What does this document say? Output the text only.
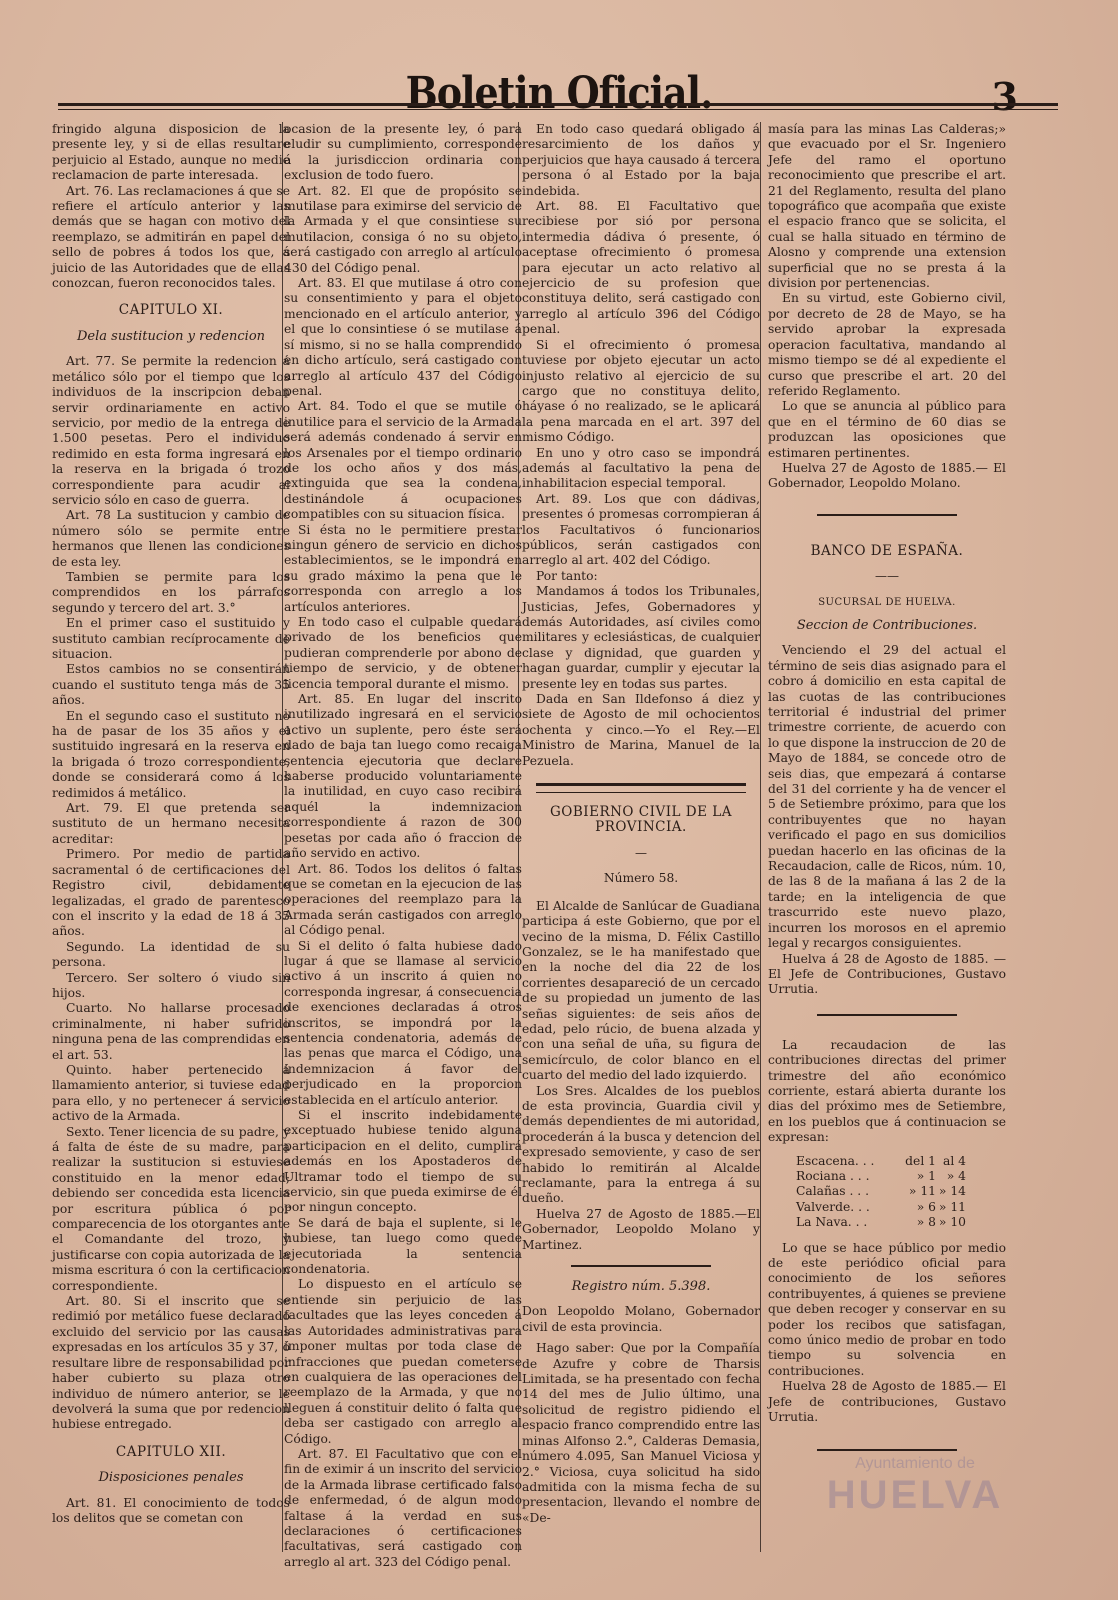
Boletin Oficial.	3

fringido alguna disposicion de la presente ley, y si de ellas resultare perjuicio al Estado, aunque no medie reclamacion de parte interesada.

Art. 76. Las reclamaciones á que se refiere el artículo anterior y las demás que se hagan con motivo del reemplazo, se admitirán en papel del sello de pobres á todos los que, á juicio de las Autoridades que de ellas conozcan, fueron reconocidos tales.

CAPITULO XI.
Dela sustitucion y redencion

Art. 77. Se permite la redencion á metálico sólo por el tiempo que los individuos de la inscripcion deban servir ordinariamente en activo servicio, por medio de la entrega de 1.500 pesetas. Pero el individuo redimido en esta forma ingresará en la reserva en la brigada ó trozo correspondiente para acudir al servicio sólo en caso de guerra.

Art. 78 La sustitucion y cambio de número sólo se permite entre hermanos que llenen las condiciones de esta ley.

Tambien se permite para los comprendidos en los párrafos segundo y tercero del art. 3.°

En el primer caso el sustituido y sustituto cambian recíprocamente de situacion.

Estos cambios no se consentirán cuando el sustituto tenga más de 35 años.

En el segundo caso el sustituto no ha de pasar de los 35 años y el sustituido ingresará en la reserva en la brigada ó trozo correspondiente, donde se considerará como á los redimidos á metálico.

Art. 79. El que pretenda ser sustituto de un hermano necesita acreditar:

Primero. Por medio de partida sacramental ó de certificaciones del Registro civil, debidamente legalizadas, el grado de parentesco con el inscrito y la edad de 18 á 35 años.

Segundo. La identidad de su persona.

Tercero. Ser soltero ó viudo sin hijos.

Cuarto. No hallarse procesado criminalmente, ni haber sufrido ninguna pena de las comprendidas en el art. 53.

Quinto. haber pertenecido á llamamiento anterior, si tuviese edad para ello, y no pertenecer á servicio activo de la Armada.

Sexto. Tener licencia de su padre, y á falta de éste de su madre, para realizar la sustitucion si estuviese constituido en la menor edad; debiendo ser concedida esta licencia por escritura pública ó por comparecencia de los otorgantes ante el Comandante del trozo, y justificarse con copia autorizada de la misma escritura ó con la certificacion correspondiente.

Art. 80. Si el inscrito que se redimió por metálico fuese declarado excluido del servicio por las causas expresadas en los artículos 35 y 37, ó resultare libre de responsabilidad por haber cubierto su plaza otro individuo de número anterior, se le devolverá la suma que por redencion hubiese entregado.

CAPITULO XII.
Disposiciones penales

Art. 81. El conocimiento de todos los delitos que se cometan con

ocasion de la presente ley, ó para eludir su cumplimiento, corresponde á la jurisdiccion ordinaria con exclusion de todo fuero.

Art. 82. El que de propósito se mutilase para eximirse del servicio de la Armada y el que consintiese su mutilacion, consiga ó no su objeto, será castigado con arreglo al artículo 430 del Código penal.

Art. 83. El que mutilase á otro con su consentimiento y para el objeto mencionado en el artículo anterior, y el que lo consintiese ó se mutilase á sí mismo, si no se halla comprendido en dicho artículo, será castigado con arreglo al artículo 437 del Código penal.

Art. 84. Todo el que se mutile ó inutilice para el servicio de la Armada será además condenado á servir en los Arsenales por el tiempo ordinario de los ocho años y dos más, extinguida que sea la condena, destinándole á ocupaciones compatibles con su situacion física.

Si ésta no le permitiere prestar ningun género de servicio en dichos establecimientos, se le impondrá en su grado máximo la pena que le corresponda con arreglo a los artículos anteriores.

En todo caso el culpable quedará privado de los beneficios que pudieran comprenderle por abono de tiempo de servicio, y de obtener licencia temporal durante el mismo.

Art. 85. En lugar del inscrito inutilizado ingresará en el servicio activo un suplente, pero éste será dado de baja tan luego como recaiga sentencia ejecutoria que declare haberse producido voluntariamente la inutilidad, en cuyo caso recibirá aquél la indemnizacion correspondiente á razon de 300 pesetas por cada año ó fraccion de año servido en activo.

Art. 86. Todos los delitos ó faltas que se cometan en la ejecucion de las operaciones del reemplazo para la Armada serán castigados con arreglo al Código penal.

Si el delito ó falta hubiese dado lugar á que se llamase al servicio activo á un inscrito á quien no corresponda ingresar, á consecuencia de exenciones declaradas á otros inscritos, se impondrá por la sentencia condenatoria, además de las penas que marca el Código, una indemnizacion á favor del perjudicado en la proporcion establecida en el artículo anterior.

Si el inscrito indebidamente exceptuado hubiese tenido alguna participacion en el delito, cumplirá además en los Apostaderos de Ultramar todo el tiempo de su servicio, sin que pueda eximirse de él por ningun concepto.

Se dará de baja el suplente, si le hubiese, tan luego como quede ejecutoriada la sentencia condenatoria.

Lo dispuesto en el artículo se entiende sin perjuicio de las facultades que las leyes conceden á las Autoridades administrativas para imponer multas por toda clase de infracciones que puedan cometerse en cualquiera de las operaciones del reemplazo de la Armada, y que no lleguen á constituir delito ó falta que deba ser castigado con arreglo al Código.

Art. 87. El Facultativo que con el fin de eximir á un inscrito del servicio de la Armada librase certificado falso de enfermedad, ó de algun modo faltase á la verdad en sus declaraciones ó certificaciones facultativas, será castigado con arreglo al art. 323 del Código penal.

En todo caso quedará obligado á resarcimiento de los daños y perjuicios que haya causado á tercera persona ó al Estado por la baja indebida.

Art. 88. El Facultativo que recibiese por sió por persona intermedia dádiva ó presente, ó aceptase ofrecimiento ó promesa para ejecutar un acto relativo al ejercicio de su profesion que constituya delito, será castigado con arreglo al artículo 396 del Código penal.

Si el ofrecimiento ó promesa tuviese por objeto ejecutar un acto injusto relativo al ejercicio de su cargo que no constituya delito, háyase ó no realizado, se le aplicará la pena marcada en el art. 397 del mismo Código.

En uno y otro caso se impondrá además al facultativo la pena de inhabilitacion especial temporal.

Art. 89. Los que con dádivas, presentes ó promesas corrompieran á los Facultativos ó funcionarios públicos, serán castigados con arreglo al art. 402 del Código.

Por tanto:

Mandamos á todos los Tribunales, Justicias, Jefes, Gobernadores y demás Autoridades, así civiles como militares y eclesiásticas, de cualquier clase y dignidad, que guarden y hagan guardar, cumplir y ejecutar la presente ley en todas sus partes.

Dada en San Ildefonso á diez y siete de Agosto de mil ochocientos ochenta y cinco.—Yo el Rey.—El Ministro de Marina, Manuel de la Pezuela.

GOBIERNO CIVIL DE LA PROVINCIA.
—
Número 58.

El Alcalde de Sanlúcar de Guadiana participa á este Gobierno, que por el vecino de la misma, D. Félix Castillo Gonzalez, se le ha manifestado que en la noche del dia 22 de los corrientes desapareció de un cercado de su propiedad un jumento de las señas siguientes: de seis años de edad, pelo rúcio, de buena alzada y con una señal de uña, su figura de semicírculo, de color blanco en el cuarto del medio del lado izquierdo.

Los Sres. Alcaldes de los pueblos de esta provincia, Guardia civil y demás dependientes de mi autoridad, procederán á la busca y detencion del expresado semoviente, y caso de ser habido lo remitirán al Alcalde reclamante, para la entrega á su dueño.

Huelva 27 de Agosto de 1885.—El Gobernador, Leopoldo Molano y Martinez.

Registro núm. 5.398.

Don Leopoldo Molano, Gobernador civil de esta provincia.

Hago saber: Que por la Compañía de Azufre y cobre de Tharsis Limitada, se ha presentado con fecha 14 del mes de Julio último, una solicitud de registro pidiendo el espacio franco comprendido entre las minas Alfonso 2.°, Calderas Demasia, número 4.095, San Manuel Viciosa y 2.° Viciosa, cuya solicitud ha sido admitida con la misma fecha de su presentacion, llevando el nombre de «De-

masía para las minas Las Calderas;» que evacuado por el Sr. Ingeniero Jefe del ramo el oportuno reconocimiento que prescribe el art. 21 del Reglamento, resulta del plano topográfico que acompaña que existe el espacio franco que se solicita, el cual se halla situado en término de Alosno y comprende una extension superficial que no se presta á la division por pertenencias.

En su virtud, este Gobierno civil, por decreto de 28 de Mayo, se ha servido aprobar la expresada operacion facultativa, mandando al mismo tiempo se dé al expediente el curso que prescribe el art. 20 del referido Reglamento.

Lo que se anuncia al público para que en el término de 60 dias se produzcan las oposiciones que estimaren pertinentes.

Huelva 27 de Agosto de 1885.— El Gobernador, Leopoldo Molano.

BANCO DE ESPAÑA.
——
SUCURSAL DE HUELVA.
Seccion de Contribuciones.

Venciendo el 29 del actual el término de seis dias asignado para el cobro á domicilio en esta capital de las cuotas de las contribuciones territorial é industrial del primer trimestre corriente, de acuerdo con lo que dispone la instruccion de 20 de Mayo de 1884, se concede otro de seis dias, que empezará á contarse del 31 del corriente y ha de vencer el 5 de Setiembre próximo, para que los contribuyentes que no hayan verificado el pago en sus domicilios puedan hacerlo en las oficinas de la Recaudacion, calle de Ricos, núm. 10, de las 8 de la mañana á las 2 de la tarde; en la inteligencia de que trascurrido este nuevo plazo, incurren los morosos en el apremio legal y recargos consiguientes.

Huelva á 28 de Agosto de 1885. —El Jefe de Contribuciones, Gustavo Urrutia.

La recaudacion de las contribuciones directas del primer trimestre del año económico corriente, estará abierta durante los dias del próximo mes de Setiembre, en los pueblos que á continuacion se expresan:

Escacena. . .	del 1 al 4
Rociana . . .	» 1 » 4
Calañas . . .	» 11 » 14
Valverde. . .	» 6 » 11
La Nava. . .	» 8 » 10

Lo que se hace público por medio de este periódico oficial para conocimiento de los señores contribuyentes, á quienes se previene que deben recoger y conservar en su poder los recibos que satisfagan, como único medio de probar en todo tiempo su solvencia en contribuciones.

Huelva 28 de Agosto de 1885.— El Jefe de contribuciones, Gustavo Urrutia.

Ayuntamiento de
HUELVA
